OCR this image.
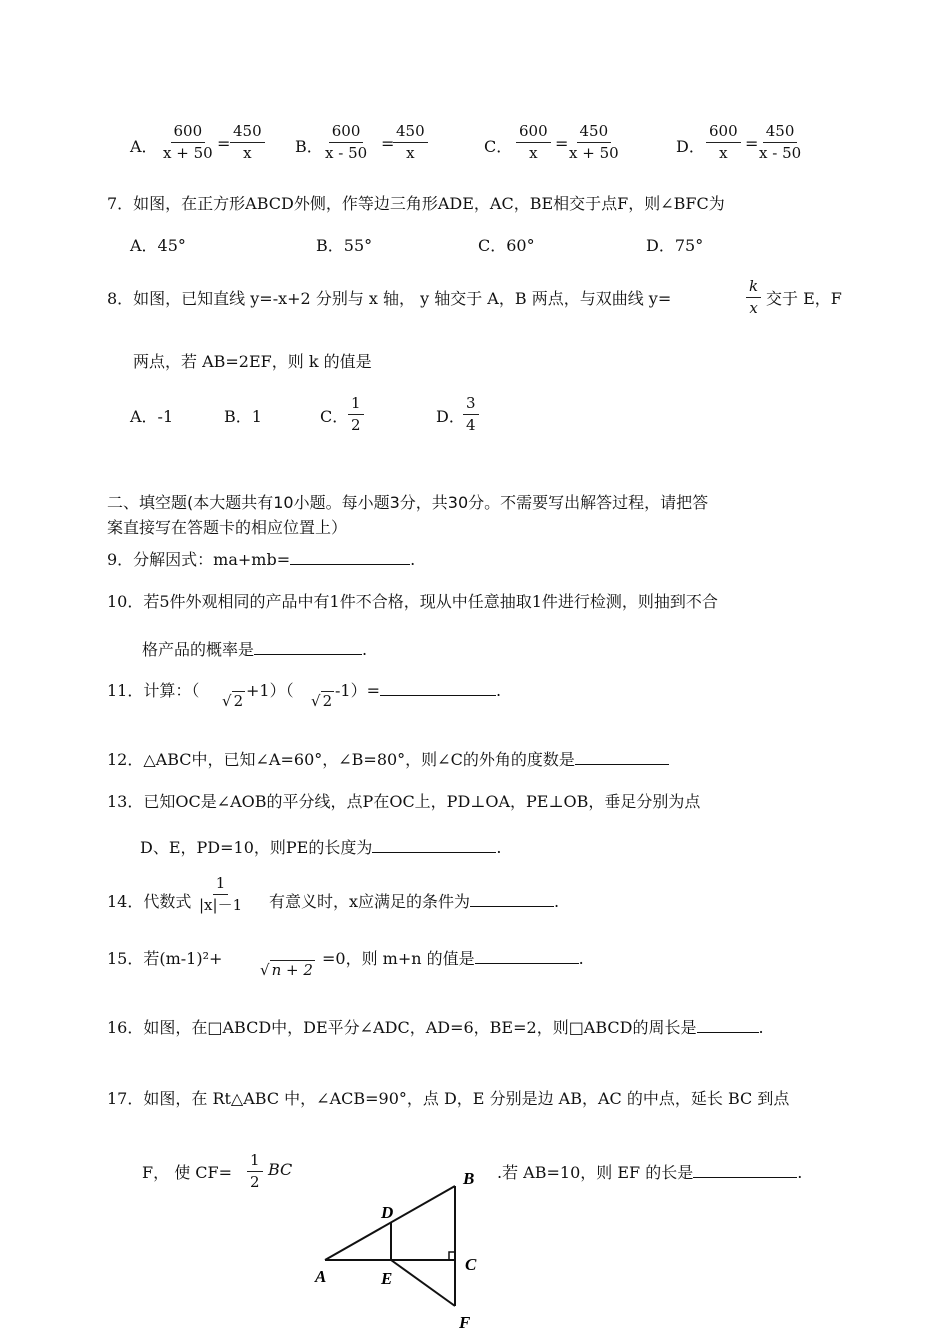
A． $\frac{600}{x + 50} = \frac{450}{x}$ B． $\frac{600}{x - 50}$ =
$\frac{450}{x}$	C． $\frac{600}{x} = \frac{450}{x + 50}$	D． $\frac{600}{x} = \frac{450}{x - 50}$
7．如图，在正方形ABCD外侧，作等边三角形ADE，AC，BE相交于点F，则∠BFC为
A．45°	B．55°	C．60°	D．75°
8．如图，已知直线 y=-x+2 分别与 x 轴， y 轴交于 A，B 两点，与双曲线 y=	$\frac{k}{x}$ 交于 E，F
两点，若 AB=2EF，则 k 的值是
A．-1	B．1	C． $\frac{1}{2}$	D．
$\frac{3}{4}$
二、填空题(本大题共有10小题。每小题3分，共30分。不需要写出解答过程，请把答
案直接写在答题卡的相应位置上）
9．分解因式：ma+mb=	.
10．若5件外观相同的产品中有1件不合格，现从中任意抽取1件进行检测，则抽到不合
格产品的概率是	.
11．计算：（
√ 2
+1）（
√ 2
-1）=	.
12．△ABC中，已知∠A=60°，∠B=80°，则∠C的外角的度数是
13．已知OC是∠AOB的平分线，点P在OC上，PD⊥OA，PE⊥OB，垂足分别为点
D、E，PD=10，则PE的长度为	.
14．代数式 $\frac{1}{|x|-1}$ 有意义时，x应满足的条件为	.
15．若(m-1)²+
√ n + 2
=0，则 m+n 的值是	.
16．如图，在□ABCD中，DE平分∠ADC，AD=6，BE=2，则□ABCD的周长是	.
17．如图，在 Rt△ABC 中，∠ACB=90°，点 D，E 分别是边 AB，AC 的中点，延长 BC 到点
F， 使 $CF= \frac{1}{2}$ BC	.若 AB=10，则 EF 的长是	.
B
D
C
A	E
F
